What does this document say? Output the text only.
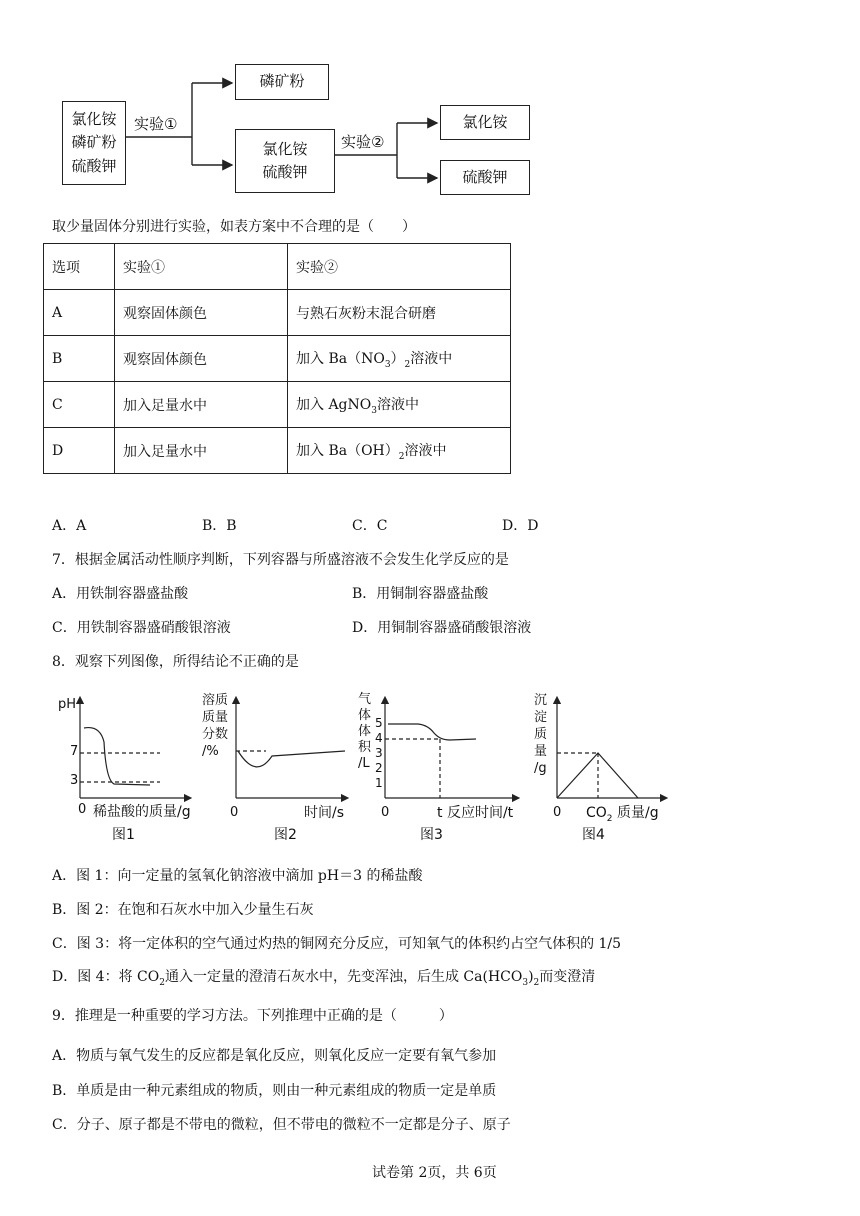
氯化铵
磷矿粉
硫酸钾
实验①
磷矿粉
氯化铵
硫酸钾
实验②
氯化铵
硫酸钾
取少量固体分别进行实验，如表方案中不合理的是（　　）
选项	实验①	实验②
A	观察固体颜色	与熟石灰粉末混合研磨
B	观察固体颜色	加入 $Ba(NO_3)_2$溶液中
C	加入足量水中	加入 AgNO$_3$溶液中
D	加入足量水中	加入 $Ba(OH)_2$溶液中
A．A	B．B	C．C	D．D
7．根据金属活动性顺序判断，下列容器与所盛溶液不会发生化学反应的是
A．用铁制容器盛盐酸	B．用铜制容器盛盐酸
C．用铁制容器盛硝酸银溶液	D．用铜制容器盛硝酸银溶液
8．观察下列图像，所得结论不正确的是
pH
7
3
0 稀盐酸的质量/g
图1
溶质
质量
分数
/%
0	时间/s
图2
气
体
体
积
/L
5
4
3
2
1
0	t 反应时间/t
图3
沉
淀
质
量
/g
0 $CO_2$ 质量/g
图4
A．图 1：向一定量的氢氧化钠溶液中滴加 pH＝3 的稀盐酸
B．图 2：在饱和石灰水中加入少量生石灰
C．图 3：将一定体积的空气通过灼热的铜网充分反应，可知氧气的体积约占空气体积的 1/5
D．图 4：将 $CO_2$通入一定量的澄清石灰水中，先变浑浊，后生成 $Ca(HCO_3)_2$而变澄清
9．推理是一种重要的学习方法。下列推理中正确的是（　　　）
A．物质与氧气发生的反应都是氧化反应，则氧化反应一定要有氧气参加
B．单质是由一种元素组成的物质，则由一种元素组成的物质一定是单质
C．分子、原子都是不带电的微粒，但不带电的微粒不一定都是分子、原子
试卷第 2页，共 6页
